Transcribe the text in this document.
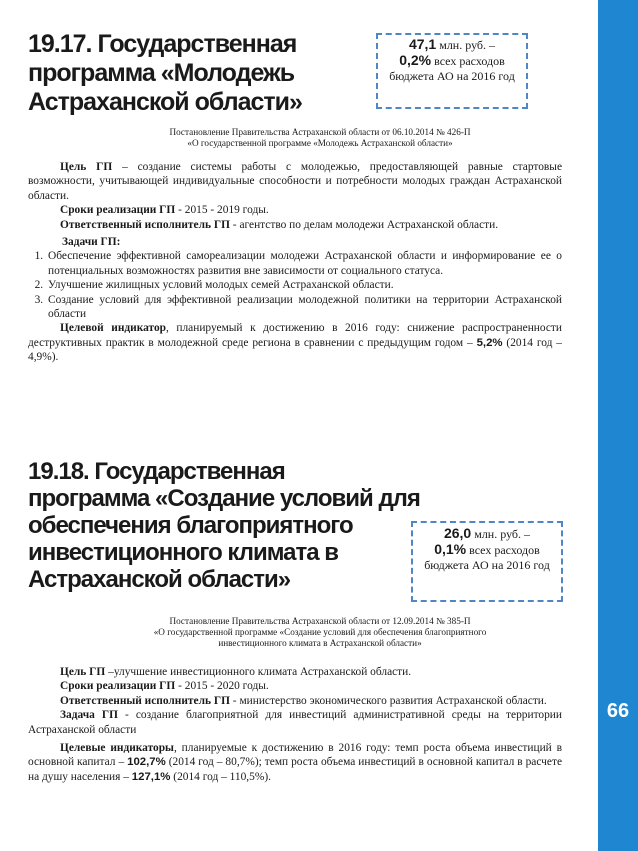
66
19.17. Государственная
программа «Молодежь
Астраханской области»
47,1 млн. руб. –
0,2% всех расходов бюджета АО на 2016 год
Постановление Правительства Астраханской области от 06.10.2014 № 426-П
«О государственной программе «Молодежь Астраханской области»

Цель ГП – создание системы работы с молодежью, предоставляющей равные стартовые возможности, учитывающей индивидуальные способности и потребности молодых граждан Астраханской области.

Сроки реализации ГП - 2015 - 2019 годы.

Ответственный исполнитель ГП - агентство по делам молодежи Астраханской области.

Задачи ГП:
1. Обеспечение эффективной самореализации молодежи Астраханской области и информирование ее о потенциальных возможностях развития вне зависимости от социального статуса.
2. Улучшение жилищных условий молодых семей Астраханской области.
3. Создание условий для эффективной реализации молодежной политики на территории Астраханской области

Целевой индикатор, планируемый к достижению в 2016 году: снижение распространенности деструктивных практик в молодежной среде региона в сравнении с предыдущим годом – 5,2% (2014 год – 4,9%).

19.18. Государственная
программа «Создание условий для
обеспечения благоприятного
инвестиционного климата в
Астраханской области»
26,0 млн. руб. –
0,1% всех расходов бюджета АО на 2016 год
Постановление Правительства Астраханской области от 12.09.2014 № 385-П
«О государственной программе «Создание условий для обеспечения благоприятного
инвестиционного климата в Астраханской области»

Цель ГП –улучшение инвестиционного климата Астраханской области.

Сроки реализации ГП - 2015 - 2020 годы.

Ответственный исполнитель ГП - министерство экономического развития Астраханской области.

Задача ГП - создание благоприятной для инвестиций административной среды на территории Астраханской области

Целевые индикаторы, планируемые к достижению в 2016 году: темп роста объема инвестиций в основной капитал – 102,7% (2014 год – 80,7%); темп роста объема инвестиций в основной капитал в расчете на душу населения – 127,1% (2014 год – 110,5%).
